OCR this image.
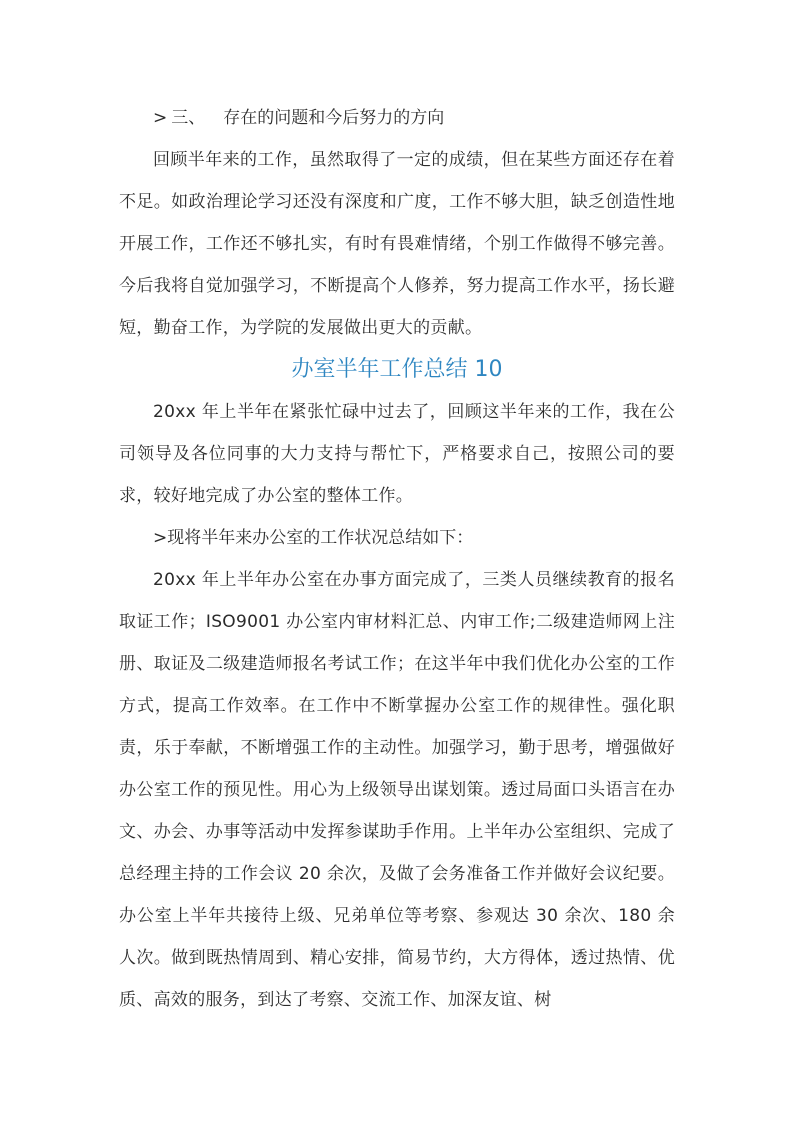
> 三、 存在的问题和今后努力的方向

回顾半年来的工作，虽然取得了一定的成绩，但在某些方面还存在着不足。如政治理论学习还没有深度和广度，工作不够大胆，缺乏创造性地开展工作，工作还不够扎实，有时有畏难情绪，个别工作做得不够完善。今后我将自觉加强学习，不断提高个人修养，努力提高工作水平，扬长避短，勤奋工作，为学院的发展做出更大的贡献。

办室半年工作总结 10

20xx 年上半年在紧张忙碌中过去了，回顾这半年来的工作，我在公司领导及各位同事的大力支持与帮忙下，严格要求自己，按照公司的要求，较好地完成了办公室的整体工作。

>现将半年来办公室的工作状况总结如下：

20xx 年上半年办公室在办事方面完成了，三类人员继续教育的报名取证工作；ISO9001 办公室内审材料汇总、内审工作;二级建造师网上注册、取证及二级建造师报名考试工作；在这半年中我们优化办公室的工作方式，提高工作效率。在工作中不断掌握办公室工作的规律性。强化职责，乐于奉献，不断增强工作的主动性。加强学习，勤于思考，增强做好办公室工作的预见性。用心为上级领导出谋划策。透过局面口头语言在办文、办会、办事等活动中发挥参谋助手作用。上半年办公室组织、完成了总经理主持的工作会议 20 余次，及做了会务准备工作并做好会议纪要。办公室上半年共接待上级、兄弟单位等考察、参观达 30 余次、180 余人次。做到既热情周到、精心安排，简易节约，大方得体，透过热情、优质、高效的服务，到达了考察、交流工作、加深友谊、树
